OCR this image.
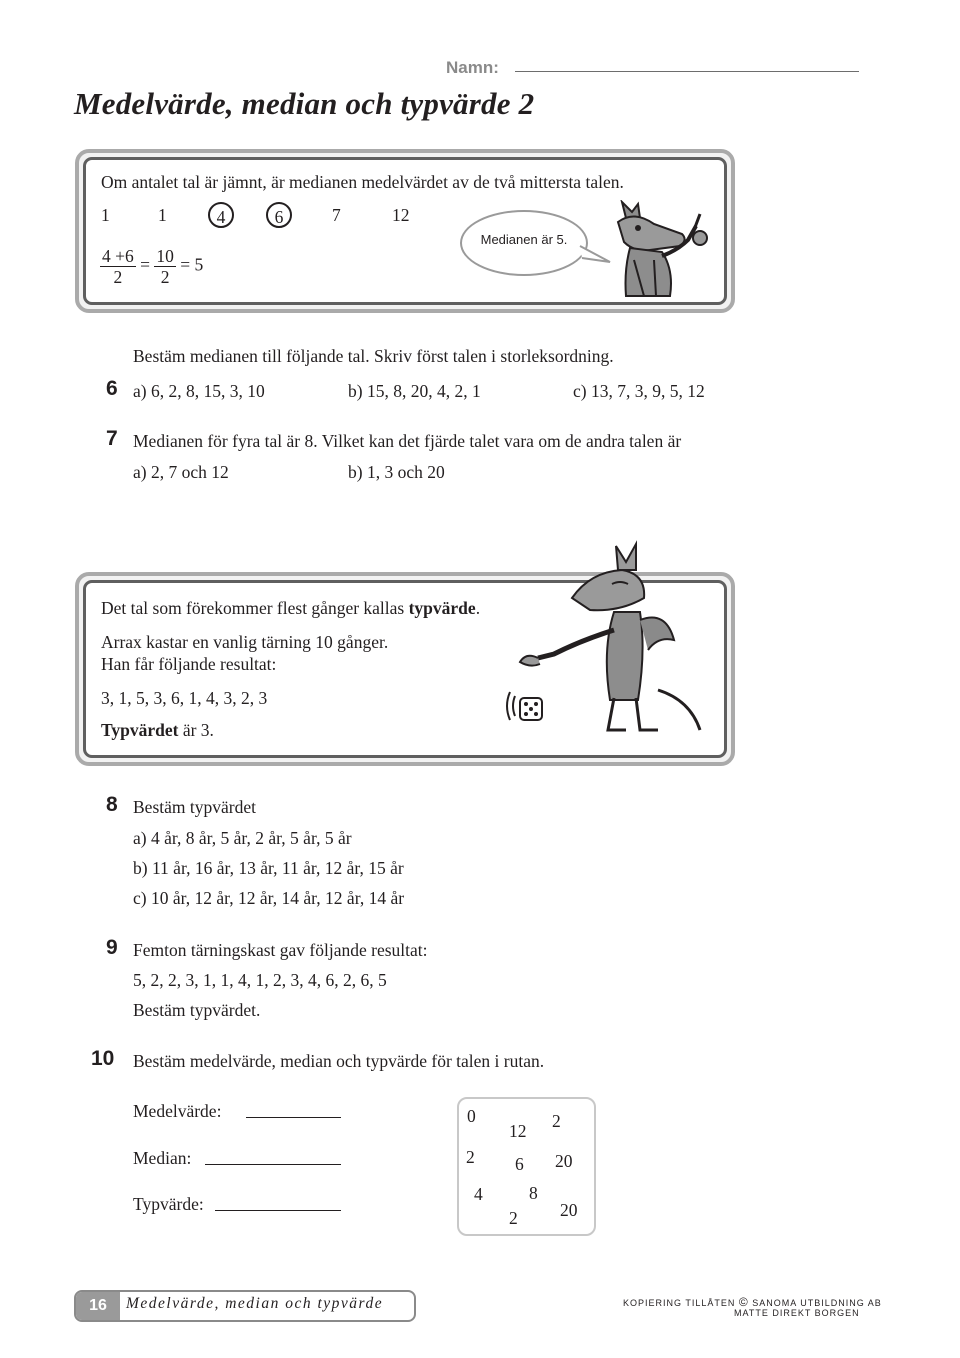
Namn:
Medelvärde, median och typvärde 2
Om antalet tal är jämnt, är medianen medelvärdet av de två mittersta talen.
1	1	4	6	7	12
$\frac{4 +6}{2} = \frac{10}{2} = 5$
Medianen är 5.
Bestäm medianen till följande tal. Skriv först talen i storleksordning.
6 a) 6, 2, 8, 15, 3, 10	b) 15, 8, 20, 4, 2, 1	c) 13, 7, 3, 9, 5, 12
7 Medianen för fyra tal är 8. Vilket kan det fjärde talet vara om de andra talen är
a) 2, 7 och 12	b) 1, 3 och 20
Det tal som förekommer flest gånger kallas typvärde.
Arrax kastar en vanlig tärning 10 gånger.
Han får följande resultat:
3, 1, 5, 3, 6, 1, 4, 3, 2, 3
Typvärdet är 3.
8 Bestäm typvärdet
a) 4 år, 8 år, 5 år, 2 år, 5 år, 5 år
b) 11 år, 16 år, 13 år, 11 år, 12 år, 15 år
c) 10 år, 12 år, 12 år, 14 år, 12 år, 14 år
9 Femton tärningskast gav följande resultat:
5, 2, 2, 3, 1, 1, 4, 1, 2, 3, 4, 6, 2, 6, 5
Bestäm typvärdet.
10 Bestäm medelvärde, median och typvärde för talen i rutan.
Medelvärde:
Median:
Typvärde:
0
12 2
2 6 20
4	8
2 20
16	Medelvärde, median och typvärde	KOPIERING TILLÅTEN © SANOMA UTBILDNING AB
MATTE DIREKT BORGEN
